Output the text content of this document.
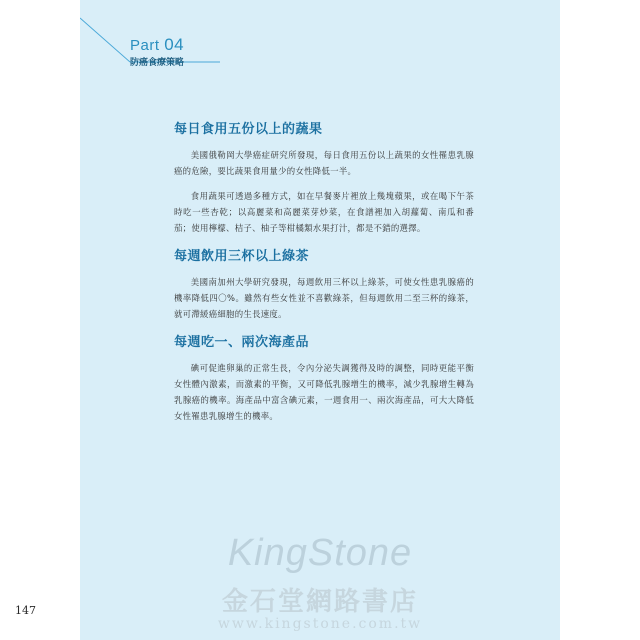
147
Part 04
防癌食療策略
每日食用五份以上的蔬果

美國俄勒岡大學癌症研究所發現，每日食用五份以上蔬果的女性罹患乳腺癌的危險，要比蔬果食用量少的女性降低一半。

食用蔬果可透過多種方式，如在早餐麥片裡放上幾塊蘋果，或在喝下午茶時吃一些杏乾；以高麗菜和高麗菜芽炒菜，在食譜裡加入胡蘿蔔、南瓜和番茄；使用檸檬、桔子、柚子等柑橘類水果打汁，都是不錯的選擇。

每週飲用三杯以上綠茶

美國南加州大學研究發現，每週飲用三杯以上綠茶，可使女性患乳腺癌的機率降低四〇%。雖然有些女性並不喜歡綠茶，但每週飲用二至三杯的綠茶，就可滯緩癌細胞的生長速度。

每週吃一、兩次海產品

碘可促進卵巢的正常生長，令內分泌失調獲得及時的調整，同時更能平衡女性體內激素，而激素的平衡，又可降低乳腺增生的機率，減少乳腺增生轉為乳腺癌的機率。海產品中富含碘元素，一週食用一、兩次海產品，可大大降低女性罹患乳腺增生的機率。

KingStone
金石堂網路書店
www.kingstone.com.tw
